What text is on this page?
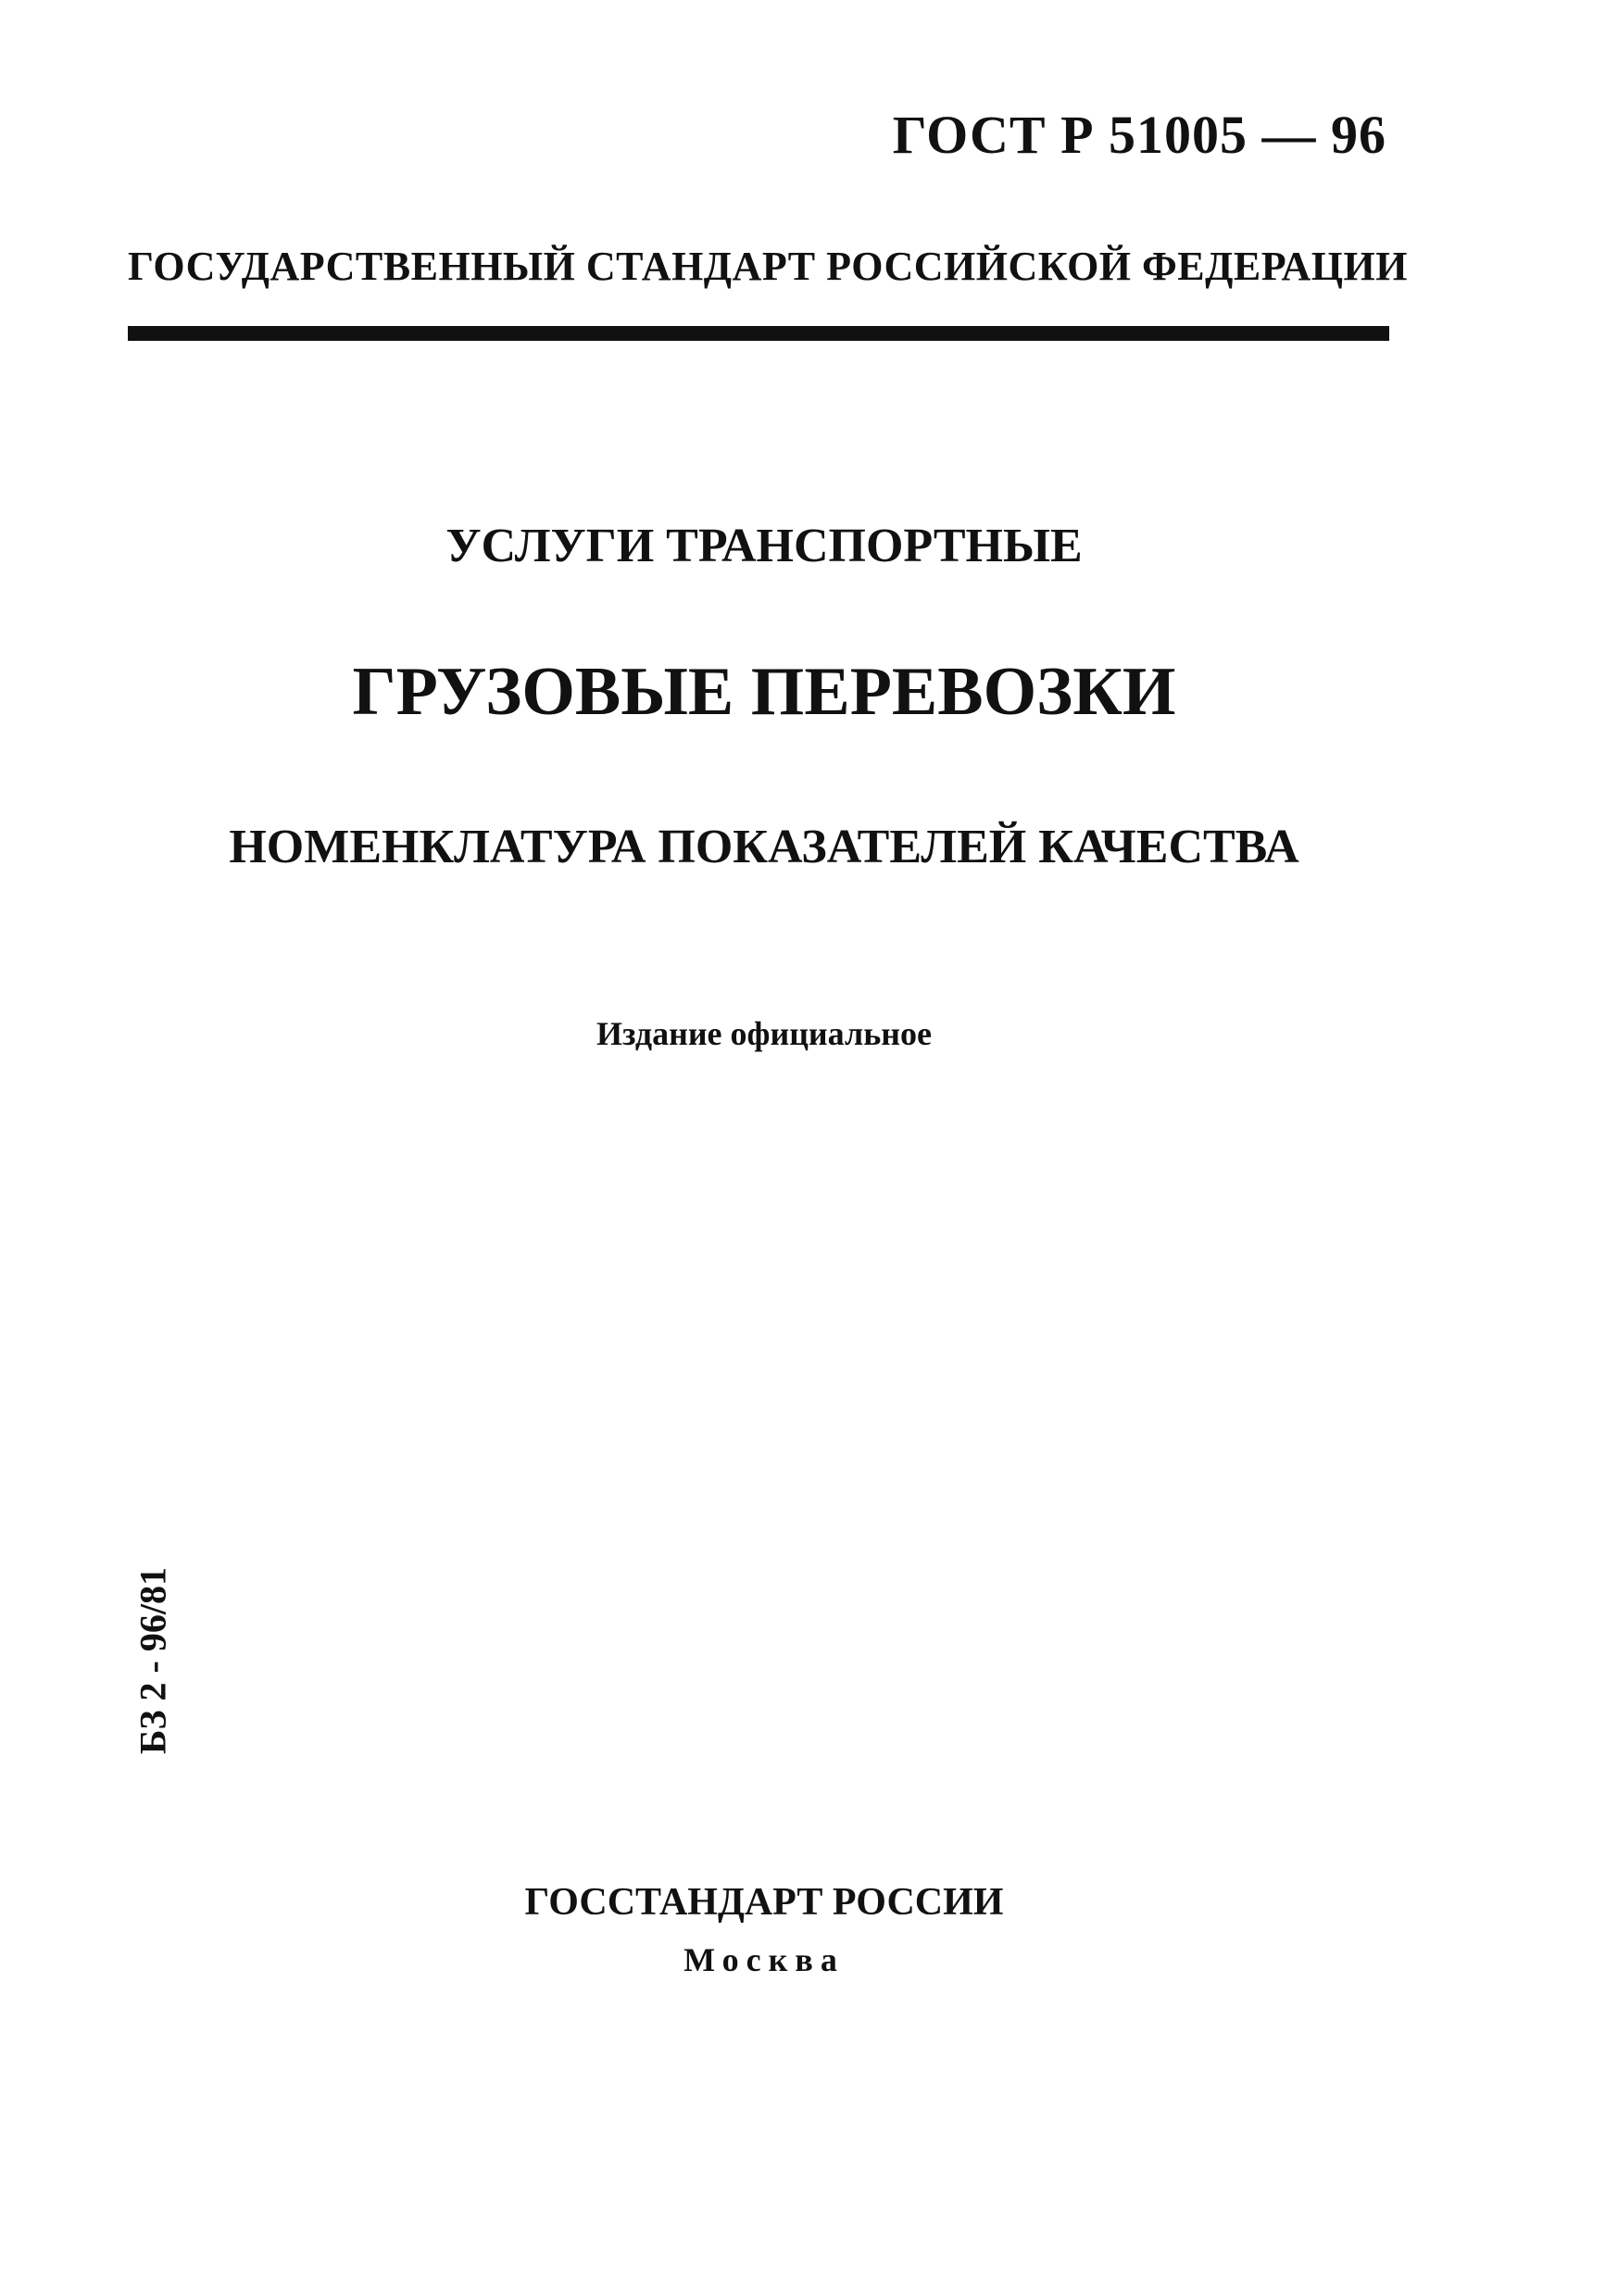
ГОСТ Р 51005 — 96
ГОСУДАРСТВЕННЫЙ СТАНДАРТ РОССИЙСКОЙ ФЕДЕРАЦИИ
УСЛУГИ ТРАНСПОРТНЫЕ
ГРУЗОВЫЕ ПЕРЕВОЗКИ
НОМЕНКЛАТУРА ПОКАЗАТЕЛЕЙ КАЧЕСТВА
Издание официальное
БЗ 2 - 96/81
ГОССТАНДАРТ РОССИИ
Москва
